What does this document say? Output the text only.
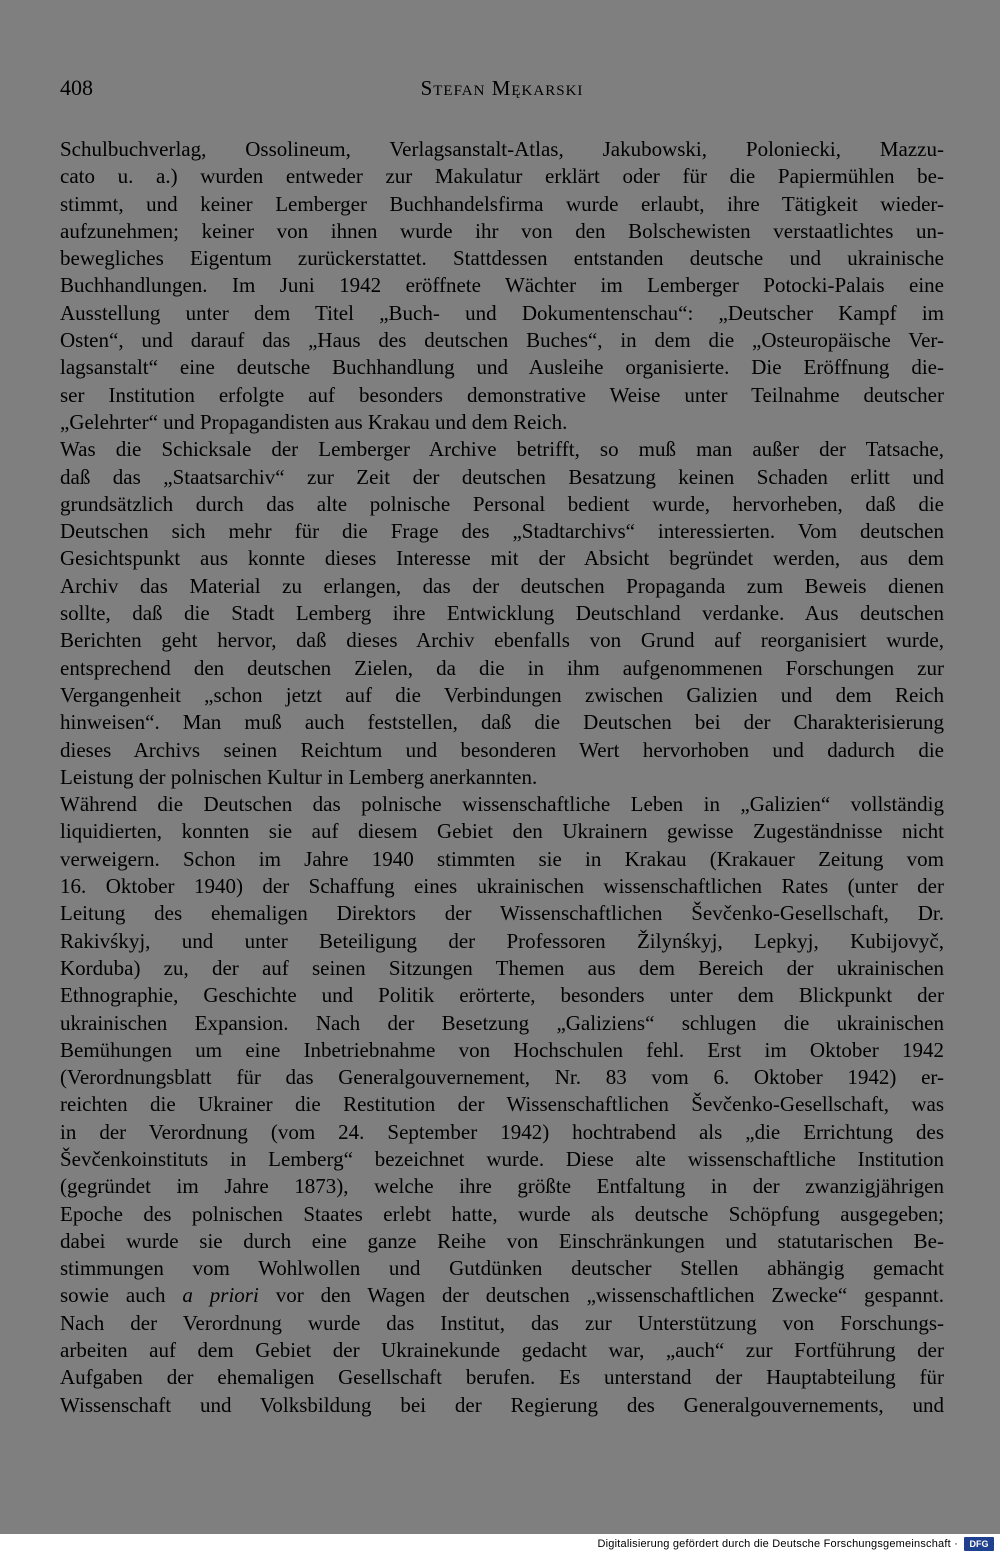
408	Stefan Mękarski
Schulbuchverlag, Ossolineum, Verlagsanstalt-Atlas, Jakubowski, Poloniecki, Mazzu-
cato u. a.) wurden entweder zur Makulatur erklärt oder für die Papiermühlen be-
stimmt, und keiner Lemberger Buchhandelsfirma wurde erlaubt, ihre Tätigkeit wieder-
aufzunehmen; keiner von ihnen wurde ihr von den Bolschewisten verstaatlichtes un-
bewegliches Eigentum zurückerstattet. Stattdessen entstanden deutsche und ukrainische
Buchhandlungen. Im Juni 1942 eröffnete Wächter im Lemberger Potocki-Palais eine
Ausstellung unter dem Titel „Buch- und Dokumentenschau“: „Deutscher Kampf im
Osten“, und darauf das „Haus des deutschen Buches“, in dem die „Osteuropäische Ver-
lagsanstalt“ eine deutsche Buchhandlung und Ausleihe organisierte. Die Eröffnung die-
ser Institution erfolgte auf besonders demonstrative Weise unter Teilnahme deutscher
„Gelehrter“ und Propagandisten aus Krakau und dem Reich.
Was die Schicksale der Lemberger Archive betrifft, so muß man außer der Tatsache,
daß das „Staatsarchiv“ zur Zeit der deutschen Besatzung keinen Schaden erlitt und
grundsätzlich durch das alte polnische Personal bedient wurde, hervorheben, daß die
Deutschen sich mehr für die Frage des „Stadtarchivs“ interessierten. Vom deutschen
Gesichtspunkt aus konnte dieses Interesse mit der Absicht begründet werden, aus dem
Archiv das Material zu erlangen, das der deutschen Propaganda zum Beweis dienen
sollte, daß die Stadt Lemberg ihre Entwicklung Deutschland verdanke. Aus deutschen
Berichten geht hervor, daß dieses Archiv ebenfalls von Grund auf reorganisiert wurde,
entsprechend den deutschen Zielen, da die in ihm aufgenommenen Forschungen zur
Vergangenheit „schon jetzt auf die Verbindungen zwischen Galizien und dem Reich
hinweisen“. Man muß auch feststellen, daß die Deutschen bei der Charakterisierung
dieses Archivs seinen Reichtum und besonderen Wert hervorhoben und dadurch die
Leistung der polnischen Kultur in Lemberg anerkannten.
Während die Deutschen das polnische wissenschaftliche Leben in „Galizien“ vollständig
liquidierten, konnten sie auf diesem Gebiet den Ukrainern gewisse Zugeständnisse nicht
verweigern. Schon im Jahre 1940 stimmten sie in Krakau (Krakauer Zeitung vom
16. Oktober 1940) der Schaffung eines ukrainischen wissenschaftlichen Rates (unter der
Leitung des ehemaligen Direktors der Wissenschaftlichen Ševčenko-Gesellschaft, Dr.
Rakivśkyj, und unter Beteiligung der Professoren Žilynśkyj, Lepkyj, Kubijovyč,
Korduba) zu, der auf seinen Sitzungen Themen aus dem Bereich der ukrainischen
Ethnographie, Geschichte und Politik erörterte, besonders unter dem Blickpunkt der
ukrainischen Expansion. Nach der Besetzung „Galiziens“ schlugen die ukrainischen
Bemühungen um eine Inbetriebnahme von Hochschulen fehl. Erst im Oktober 1942
(Verordnungsblatt für das Generalgouvernement, Nr. 83 vom 6. Oktober 1942) er-
reichten die Ukrainer die Restitution der Wissenschaftlichen Ševčenko-Gesellschaft, was
in der Verordnung (vom 24. September 1942) hochtrabend als „die Errichtung des
Ševčenkoinstituts in Lemberg“ bezeichnet wurde. Diese alte wissenschaftliche Institution
(gegründet im Jahre 1873), welche ihre größte Entfaltung in der zwanzigjährigen
Epoche des polnischen Staates erlebt hatte, wurde als deutsche Schöpfung ausgegeben;
dabei wurde sie durch eine ganze Reihe von Einschränkungen und statutarischen Be-
stimmungen vom Wohlwollen und Gutdünken deutscher Stellen abhängig gemacht
sowie auch a priori vor den Wagen der deutschen „wissenschaftlichen Zwecke“ gespannt.
Nach der Verordnung wurde das Institut, das zur Unterstützung von Forschungs-
arbeiten auf dem Gebiet der Ukrainekunde gedacht war, „auch“ zur Fortführung der
Aufgaben der ehemaligen Gesellschaft berufen. Es unterstand der Hauptabteilung für
Wissenschaft und Volksbildung bei der Regierung des Generalgouvernements, und
Digitalisierung gefördert durch die Deutsche Forschungsgemeinschaft ·	DFG
